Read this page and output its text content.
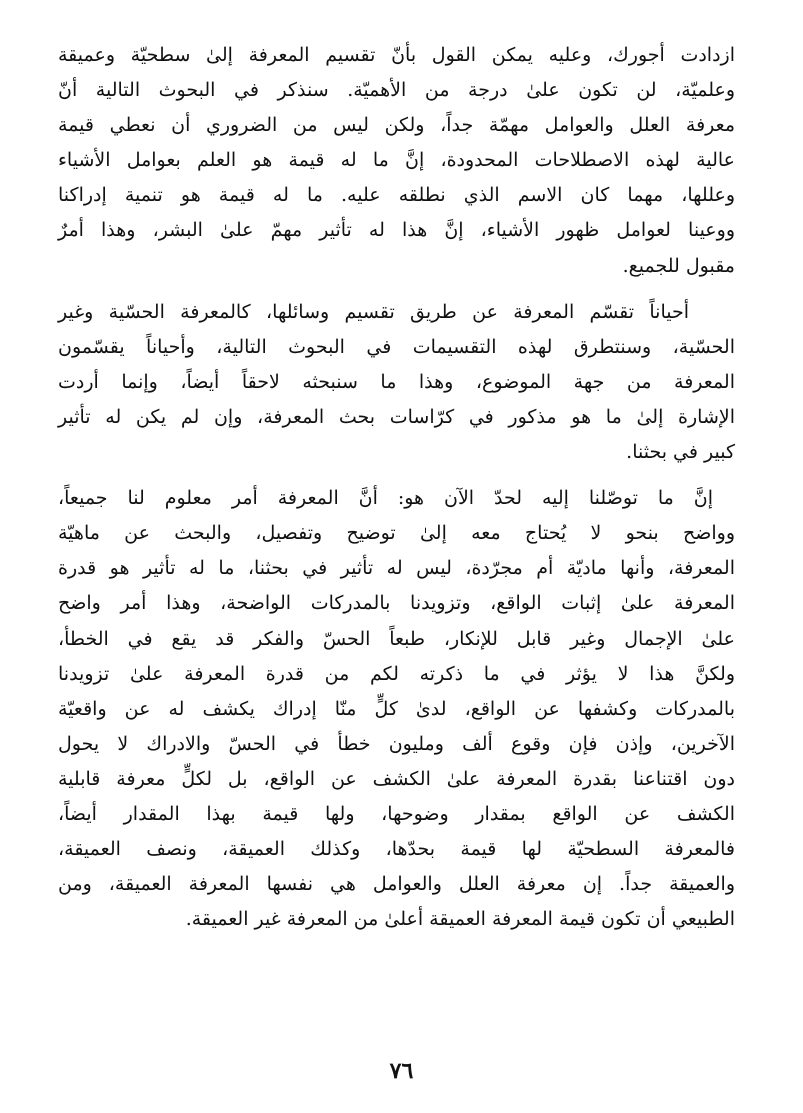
ازدادت أجورك، وعليه يمكن القول بأنّ تقسيم المعرفة إلىٰ سطحيّة وعميقة
وعلميّة، لن تكون علىٰ درجة من الأهميّة. سنذكر في البحوث التالية أنّ
معرفة العلل والعوامل مهمّة جداً، ولكن ليس من الضروري أن نعطي قيمة
عالية لهذه الاصطلاحات المحدودة، إنَّ ما له قيمة هو العلم بعوامل الأشياء
وعللها، مهما كان الاسم الذي نطلقه عليه. ما له قيمة هو تنمية إدراكنا
ووعينا لعوامل ظهور الأشياء، إنَّ هذا له تأثير مهمّ علىٰ البشر، وهذا أمرٌ
مقبول للجميع.

أحياناً تقسّم المعرفة عن طريق تقسيم وسائلها، كالمعرفة الحسّية وغير
الحسّية، وسنتطرق لهذه التقسيمات في البحوث التالية، وأحياناً يقسّمون
المعرفة من جهة الموضوع، وهذا ما سنبحثه لاحقاً أيضاً، وإنما أردت
الإشارة إلىٰ ما هو مذكور في كرّاسات بحث المعرفة، وإن لم يكن له تأثير
كبير في بحثنا.

إنَّ ما توصّلنا إليه لحدّ الآن هو: أنَّ المعرفة أمر معلوم لنا جميعاً،
وواضح بنحو لا يُحتاج معه إلىٰ توضيح وتفصيل، والبحث عن ماهيّة
المعرفة، وأنها ماديّة أم مجرّدة، ليس له تأثير في بحثنا، ما له تأثير هو قدرة
المعرفة علىٰ إثبات الواقع، وتزويدنا بالمدركات الواضحة، وهذا أمر واضح
علىٰ الإجمال وغير قابل للإنكار، طبعاً الحسّ والفكر قد يقع في الخطأ،
ولكنَّ هذا لا يؤثر في ما ذكرته لكم من قدرة المعرفة علىٰ تزويدنا
بالمدركات وكشفها عن الواقع، لدىٰ كلٍّ منّا إدراك يكشف له عن واقعيّة
الآخرين، وإذن فإن وقوع ألف ومليون خطأ في الحسّ والادراك لا يحول
دون اقتناعنا بقدرة المعرفة علىٰ الكشف عن الواقع، بل لكلٍّ معرفة قابلية
الكشف عن الواقع بمقدار وضوحها، ولها قيمة بهذا المقدار أيضاً،
فالمعرفة السطحيّة لها قيمة بحدّها، وكذلك العميقة، ونصف العميقة،
والعميقة جداً. إن معرفة العلل والعوامل هي نفسها المعرفة العميقة، ومن
الطبيعي أن تكون قيمة المعرفة العميقة أعلىٰ من المعرفة غير العميقة.

٧٦
